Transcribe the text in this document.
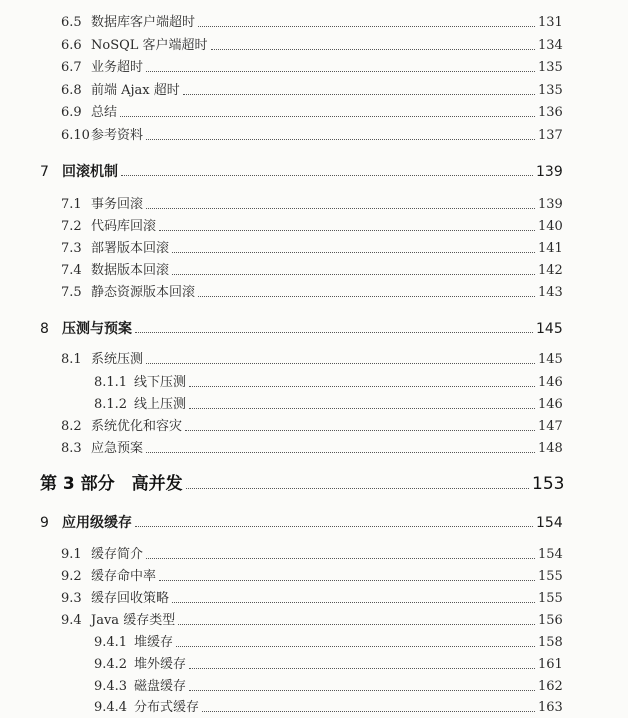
6.5 数据库客户端超时	131
6.6 NoSQL 客户端超时	134
6.7 业务超时	135
6.8 前端 Ajax 超时	135
6.9 总结	136
6.10 参考资料	137
7 回滚机制	139
7.1 事务回滚	139
7.2 代码库回滚	140
7.3 部署版本回滚	141
7.4 数据版本回滚	142
7.5 静态资源版本回滚	143
8 压测与预案	145
8.1 系统压测	145
8.1.1 线下压测	146
8.1.2 线上压测	146
8.2 系统优化和容灾	147
8.3 应急预案	148
第 3 部分　高并发	153
9 应用级缓存	154
9.1 缓存简介	154
9.2 缓存命中率	155
9.3 缓存回收策略	155
9.4 Java 缓存类型	156
9.4.1 堆缓存	158
9.4.2 堆外缓存	161
9.4.3 磁盘缓存	162
9.4.4 分布式缓存	163
